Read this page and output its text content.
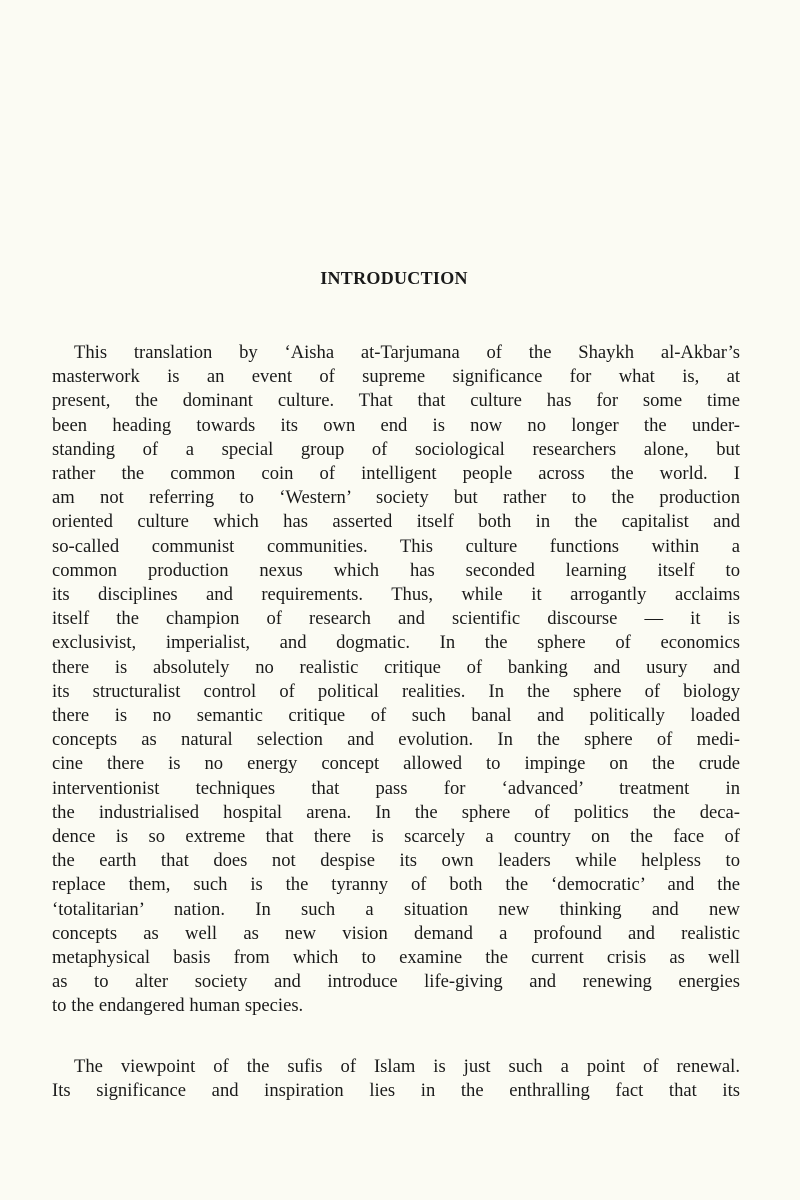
INTRODUCTION
This translation by ‘Aisha at-Tarjumana of the Shaykh al-Akbar’s
masterwork is an event of supreme significance for what is, at
present, the dominant culture. That that culture has for some time
been heading towards its own end is now no longer the under-
standing of a special group of sociological researchers alone, but
rather the common coin of intelligent people across the world. I
am not referring to ‘Western’ society but rather to the production
oriented culture which has asserted itself both in the capitalist and
so-called communist communities. This culture functions within a
common production nexus which has seconded learning itself to
its disciplines and requirements. Thus, while it arrogantly acclaims
itself the champion of research and scientific discourse — it is
exclusivist, imperialist, and dogmatic. In the sphere of economics
there is absolutely no realistic critique of banking and usury and
its structuralist control of political realities. In the sphere of biology
there is no semantic critique of such banal and politically loaded
concepts as natural selection and evolution. In the sphere of medi-
cine there is no energy concept allowed to impinge on the crude
interventionist techniques that pass for ‘advanced’ treatment in
the industrialised hospital arena. In the sphere of politics the deca-
dence is so extreme that there is scarcely a country on the face of
the earth that does not despise its own leaders while helpless to
replace them, such is the tyranny of both the ‘democratic’ and the
‘totalitarian’ nation. In such a situation new thinking and new
concepts as well as new vision demand a profound and realistic
metaphysical basis from which to examine the current crisis as well
as to alter society and introduce life-giving and renewing energies
to the endangered human species.
The viewpoint of the sufis of Islam is just such a point of renewal.
Its significance and inspiration lies in the enthralling fact that its
